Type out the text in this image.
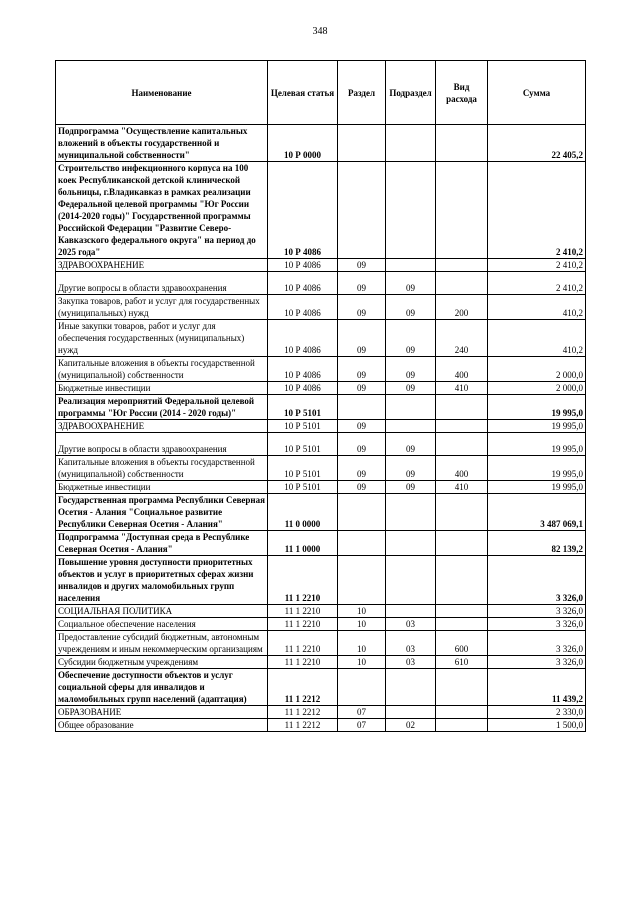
348
Наименование	Целевая статья	Раздел	Подраздел	Вид расхода	Сумма
Подпрограмма "Осуществление капитальных вложений в объекты государственной и муниципальной собственности"	10 Р 0000				22 405,2
Строительство инфекционного корпуса на 100 коек Республиканской детской клинической больницы, г.Владикавказ в рамках реализации Федеральной целевой программы "Юг России (2014-2020 годы)" Государственной программы Российской Федерации "Развитие Северо-Кавказского федерального округа" на период до 2025 года"	10 Р 4086				2 410,2
ЗДРАВООХРАНЕНИЕ	10 Р 4086	09			2 410,2
Другие вопросы в области здравоохранения	10 Р 4086	09	09		2 410,2
Закупка товаров, работ и услуг для государственных (муниципальных) нужд	10 Р 4086	09	09	200	410,2
Иные закупки товаров, работ и услуг для обеспечения государственных (муниципальных) нужд	10 Р 4086	09	09	240	410,2
Капитальные вложения в объекты государственной (муниципальной) собственности	10 Р 4086	09	09	400	2 000,0
Бюджетные инвестиции	10 Р 4086	09	09	410	2 000,0
Реализация мероприятий Федеральной целевой программы "Юг России (2014 - 2020 годы)"	10 Р 5101				19 995,0
ЗДРАВООХРАНЕНИЕ	10 Р 5101	09			19 995,0
Другие вопросы в области здравоохранения	10 Р 5101	09	09		19 995,0
Капитальные вложения в объекты государственной (муниципальной) собственности	10 Р 5101	09	09	400	19 995,0
Бюджетные инвестиции	10 Р 5101	09	09	410	19 995,0
Государственная программа Республики Северная Осетия - Алания "Социальное развитие Республики Северная Осетия - Алания"	11 0 0000				3 487 069,1
Подпрограмма "Доступная среда в Республике Северная Осетия - Алания"	11 1 0000				82 139,2
Повышение уровня доступности приоритетных объектов и услуг в приоритетных сферах жизни инвалидов и других маломобильных групп населения	11 1 2210				3 326,0
СОЦИАЛЬНАЯ ПОЛИТИКА	11 1 2210	10			3 326,0
Социальное обеспечение населения	11 1 2210	10	03		3 326,0
Предоставление субсидий бюджетным, автономным учреждениям и иным некоммерческим организациям	11 1 2210	10	03	600	3 326,0
Субсидии бюджетным учреждениям	11 1 2210	10	03	610	3 326,0
Обеспечение доступности объектов и услуг социальной сферы для инвалидов и маломобильных групп населений (адаптация)	11 1 2212				11 439,2
ОБРАЗОВАНИЕ	11 1 2212	07			2 330,0
Общее образование	11 1 2212	07	02		1 500,0
